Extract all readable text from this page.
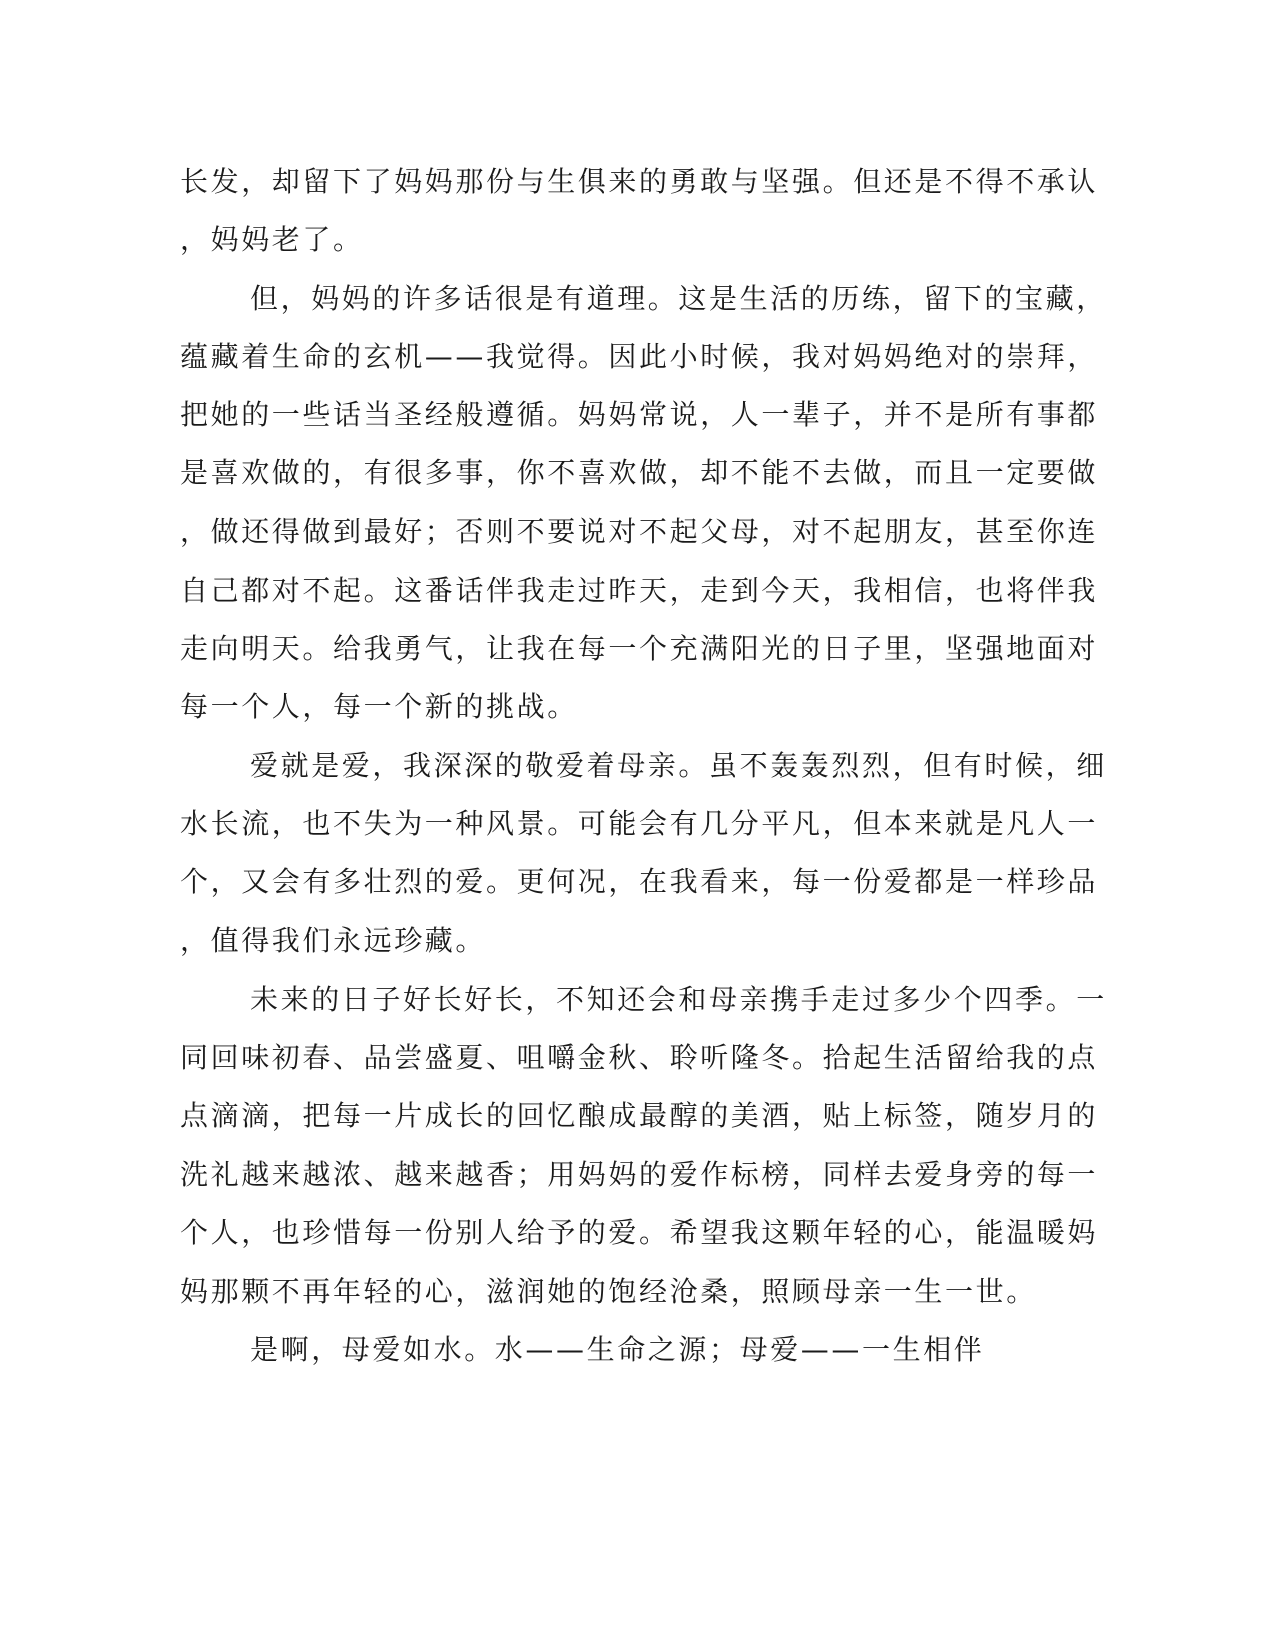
长发，却留下了妈妈那份与生俱来的勇敢与坚强。但还是不得不承认
，妈妈老了。
但，妈妈的许多话很是有道理。这是生活的历练，留下的宝藏，
蕴藏着生命的玄机——我觉得。因此小时候，我对妈妈绝对的崇拜，
把她的一些话当圣经般遵循。妈妈常说，人一辈子，并不是所有事都
是喜欢做的，有很多事，你不喜欢做，却不能不去做，而且一定要做
，做还得做到最好；否则不要说对不起父母，对不起朋友，甚至你连
自己都对不起。这番话伴我走过昨天，走到今天，我相信，也将伴我
走向明天。给我勇气，让我在每一个充满阳光的日子里，坚强地面对
每一个人，每一个新的挑战。
爱就是爱，我深深的敬爱着母亲。虽不轰轰烈烈，但有时候，细
水长流，也不失为一种风景。可能会有几分平凡，但本来就是凡人一
个，又会有多壮烈的爱。更何况，在我看来，每一份爱都是一样珍品
，值得我们永远珍藏。
未来的日子好长好长，不知还会和母亲携手走过多少个四季。一
同回味初春、品尝盛夏、咀嚼金秋、聆听隆冬。拾起生活留给我的点
点滴滴，把每一片成长的回忆酿成最醇的美酒，贴上标签，随岁月的
洗礼越来越浓、越来越香；用妈妈的爱作标榜，同样去爱身旁的每一
个人，也珍惜每一份别人给予的爱。希望我这颗年轻的心，能温暖妈
妈那颗不再年轻的心，滋润她的饱经沧桑，照顾母亲一生一世。
是啊，母爱如水。水——生命之源；母爱——一生相伴
